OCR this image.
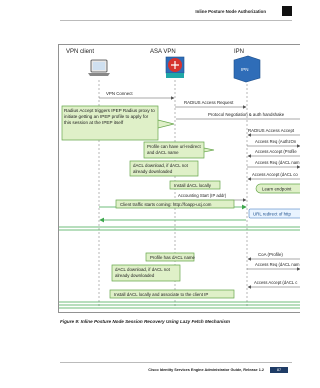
Inline Posture Node Authorization
VPN client	ASA VPN	IPN
IPN
VPN Connect
RADIUS Access Request
Protocol Negotiation & auth handshake
RADIUS Access Accept
Access Req (AuthzOn
Access Accept (Profile
Access Req (dACL nam
Access Accept (dACL co
Learn endpoint
Accounting Start (IP addr)
URL redirect of http
CoA (Profile)
Access Req (dACL nam
Access Accept (dACL c
Radius Accept triggers IPEP Radius proxy to initiate getting an IPEP profile to apply for this session at the IPEP itself
Profile can have url-redirect and dACL name
dACL download, if dACL not already downloaded
Install dACL locally
Client traffic starts coming: http://foapp-ucj.com
Profile has dACL name
dACL download, if dACL not already downloaded
Install dACL locally and associate to the client IP
Figure 9: Inline Posture Node Session Recovery Using Lazy Fetch Mechanism
Cisco Identity Services Engine Administrator Guide, Release 1.2	87
